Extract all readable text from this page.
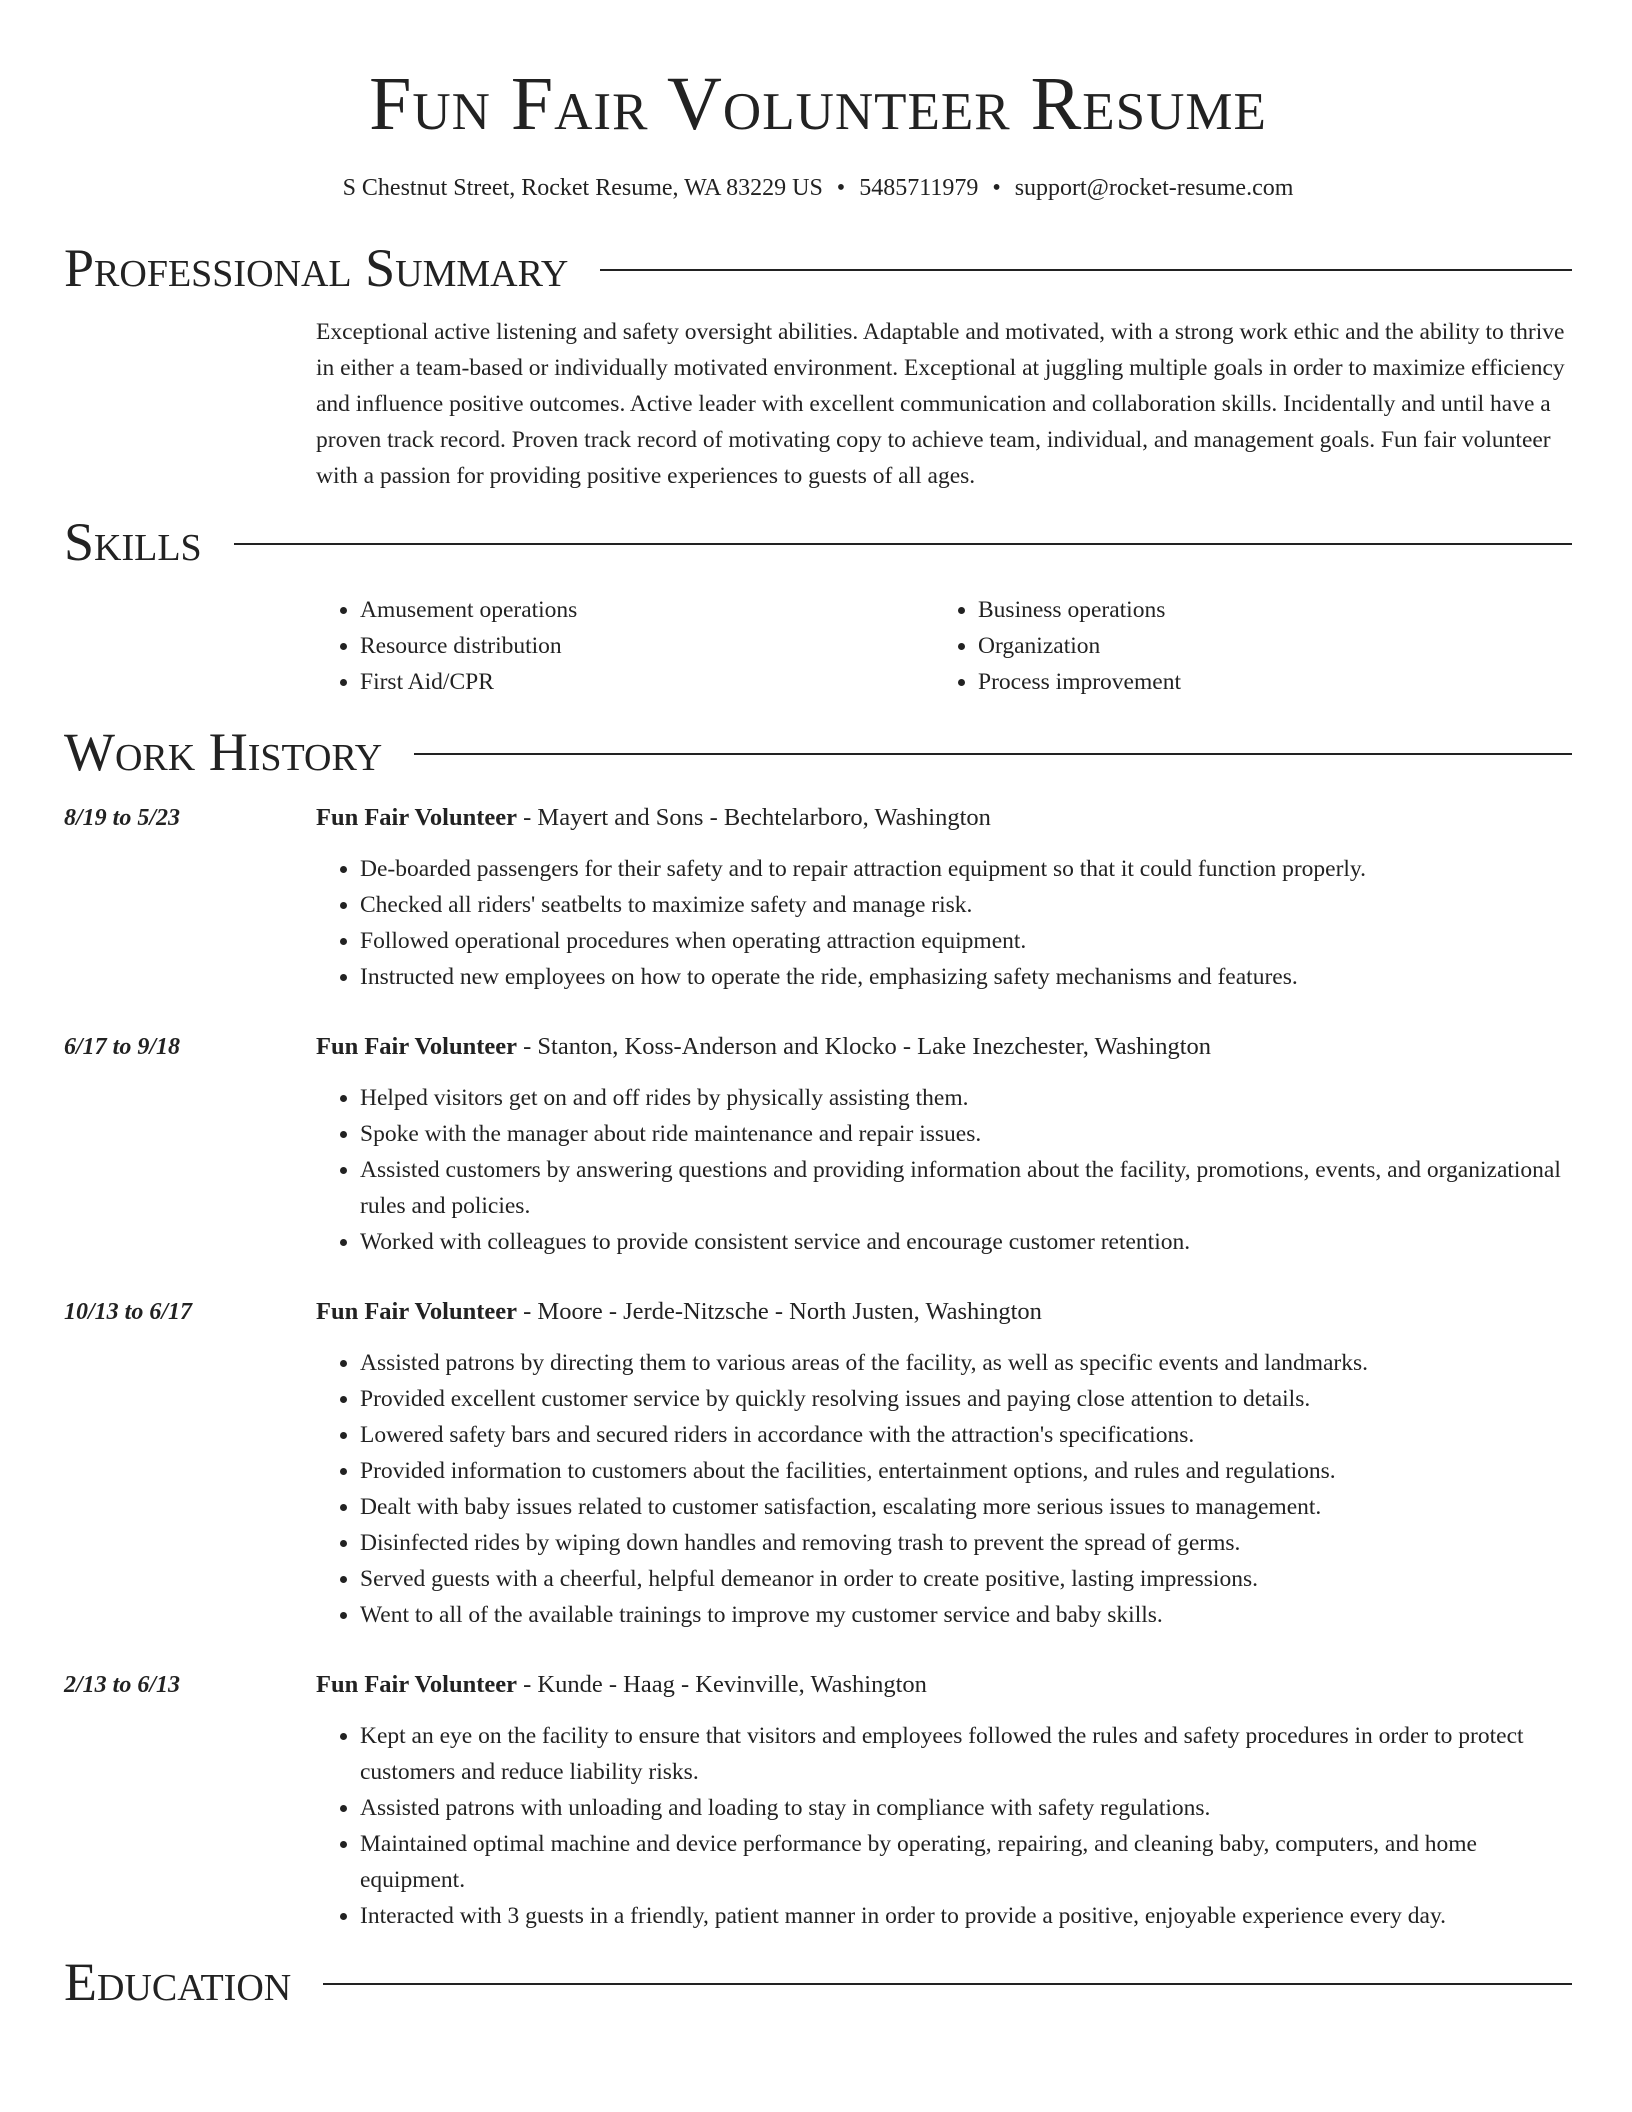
Fun Fair Volunteer Resume
S Chestnut Street, Rocket Resume, WA 83229 US • 5485711979 • support@rocket-resume.com
Professional Summary
Exceptional active listening and safety oversight abilities. Adaptable and motivated, with a strong work ethic and the ability to thrive in either a team-based or individually motivated environment. Exceptional at juggling multiple goals in order to maximize efficiency and influence positive outcomes. Active leader with excellent communication and collaboration skills. Incidentally and until have a proven track record. Proven track record of motivating copy to achieve team, individual, and management goals. Fun fair volunteer with a passion for providing positive experiences to guests of all ages.
Skills
• Amusement operations
• Resource distribution
• First Aid/CPR
• Business operations
• Organization
• Process improvement
Work History
8/19 to 5/23	Fun Fair Volunteer - Mayert and Sons - Bechtelarboro, Washington
• De-boarded passengers for their safety and to repair attraction equipment so that it could function properly.
• Checked all riders' seatbelts to maximize safety and manage risk.
• Followed operational procedures when operating attraction equipment.
• Instructed new employees on how to operate the ride, emphasizing safety mechanisms and features.
6/17 to 9/18	Fun Fair Volunteer - Stanton, Koss-Anderson and Klocko - Lake Inezchester, Washington
• Helped visitors get on and off rides by physically assisting them.
• Spoke with the manager about ride maintenance and repair issues.
• Assisted customers by answering questions and providing information about the facility, promotions, events, and organizational rules and policies.
• Worked with colleagues to provide consistent service and encourage customer retention.
10/13 to 6/17	Fun Fair Volunteer - Moore - Jerde-Nitzsche - North Justen, Washington
• Assisted patrons by directing them to various areas of the facility, as well as specific events and landmarks.
• Provided excellent customer service by quickly resolving issues and paying close attention to details.
• Lowered safety bars and secured riders in accordance with the attraction's specifications.
• Provided information to customers about the facilities, entertainment options, and rules and regulations.
• Dealt with baby issues related to customer satisfaction, escalating more serious issues to management.
• Disinfected rides by wiping down handles and removing trash to prevent the spread of germs.
• Served guests with a cheerful, helpful demeanor in order to create positive, lasting impressions.
• Went to all of the available trainings to improve my customer service and baby skills.
2/13 to 6/13	Fun Fair Volunteer - Kunde - Haag - Kevinville, Washington
• Kept an eye on the facility to ensure that visitors and employees followed the rules and safety procedures in order to protect customers and reduce liability risks.
• Assisted patrons with unloading and loading to stay in compliance with safety regulations.
• Maintained optimal machine and device performance by operating, repairing, and cleaning baby, computers, and home equipment.
• Interacted with 3 guests in a friendly, patient manner in order to provide a positive, enjoyable experience every day.
Education
